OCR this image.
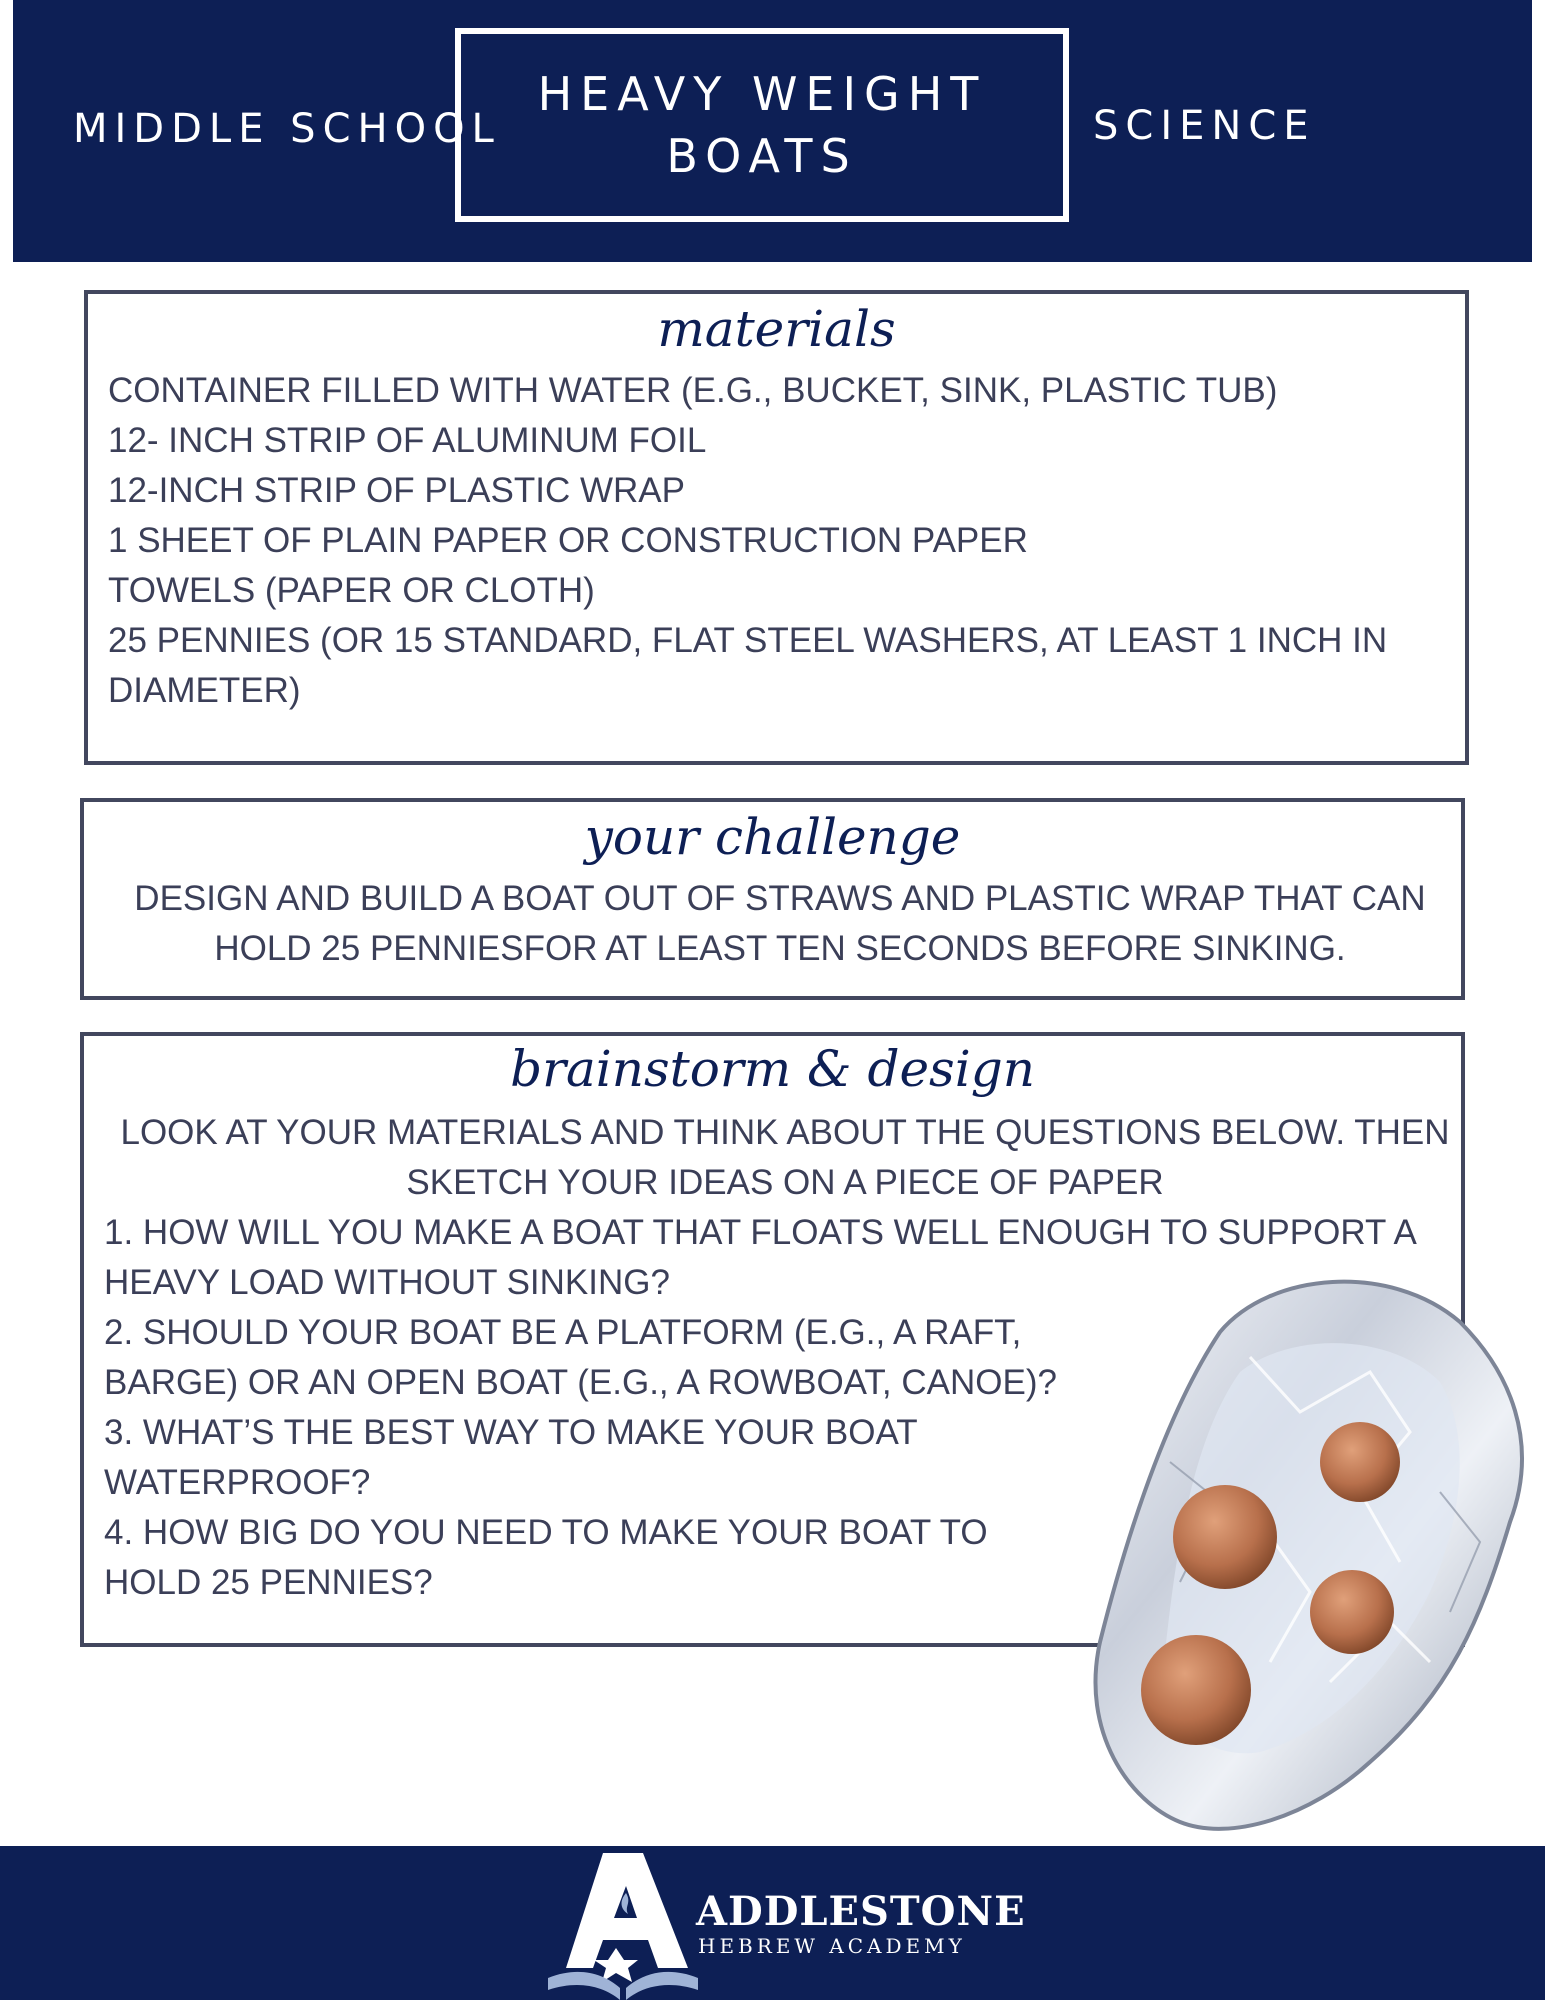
MIDDLE SCHOOL
HEAVY WEIGHT
BOATS
SCIENCE
materials
CONTAINER FILLED WITH WATER (E.G., BUCKET, SINK, PLASTIC TUB)
12- INCH STRIP OF ALUMINUM FOIL
12-INCH STRIP OF PLASTIC WRAP
1 SHEET OF PLAIN PAPER OR CONSTRUCTION PAPER
TOWELS (PAPER OR CLOTH)
25 PENNIES (OR 15 STANDARD, FLAT STEEL WASHERS, AT LEAST 1 INCH IN DIAMETER)
your challenge
DESIGN AND BUILD A BOAT OUT OF STRAWS AND PLASTIC WRAP THAT CAN HOLD 25 PENNIESFOR AT LEAST TEN SECONDS BEFORE SINKING.
brainstorm & design
LOOK AT YOUR MATERIALS AND THINK ABOUT THE QUESTIONS BELOW. THEN SKETCH YOUR IDEAS ON A PIECE OF PAPER
1. HOW WILL YOU MAKE A BOAT THAT FLOATS WELL ENOUGH TO SUPPORT A HEAVY LOAD WITHOUT SINKING?
2. SHOULD YOUR BOAT BE A PLATFORM (E.G., A RAFT, BARGE) OR AN OPEN BOAT (E.G., A ROWBOAT, CANOE)?
3. WHAT’S THE BEST WAY TO MAKE YOUR BOAT WATERPROOF?
4. HOW BIG DO YOU NEED TO MAKE YOUR BOAT TO HOLD 25 PENNIES?
ADDLESTONE
HEBREW ACADEMY
